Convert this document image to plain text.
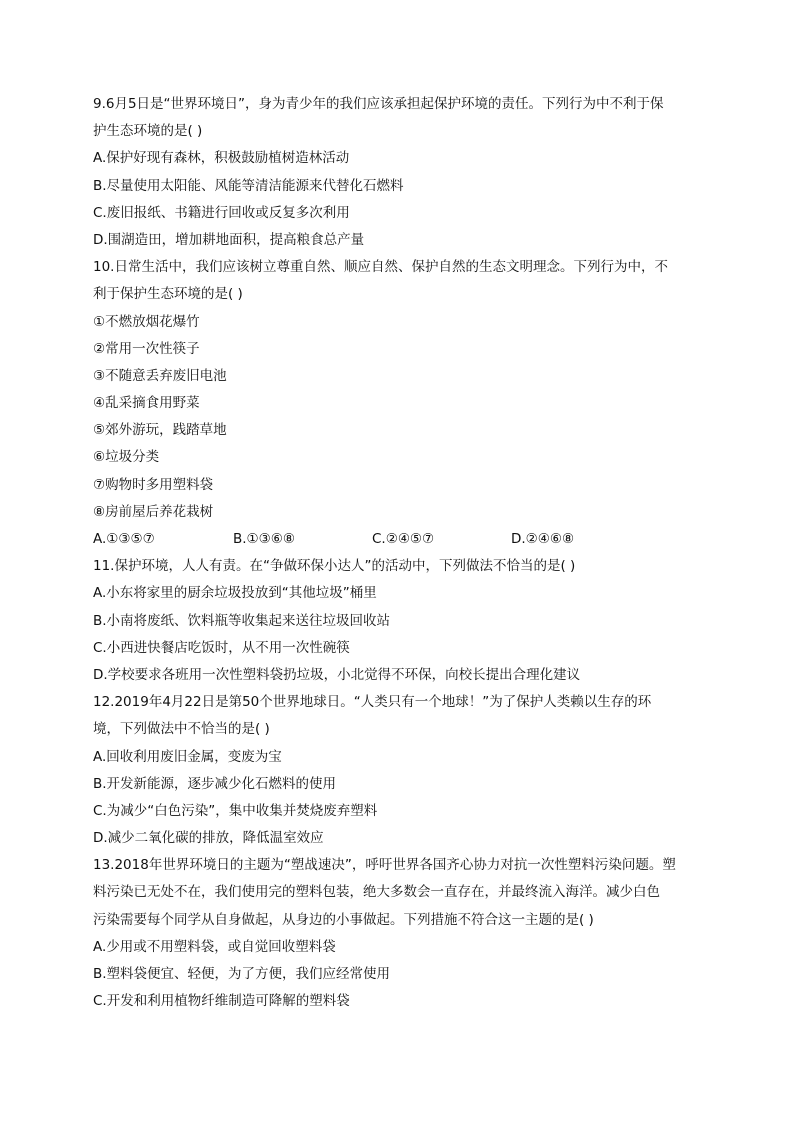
9.6月5日是“世界环境日”，身为青少年的我们应该承担起保护环境的责任。下列行为中不利于保
护生态环境的是( )
A.保护好现有森林，积极鼓励植树造林活动
B.尽量使用太阳能、风能等清洁能源来代替化石燃料
C.废旧报纸、书籍进行回收或反复多次利用
D.围湖造田，增加耕地面积，提高粮食总产量
10.日常生活中，我们应该树立尊重自然、顺应自然、保护自然的生态文明理念。下列行为中，不
利于保护生态环境的是( )
①不燃放烟花爆竹
②常用一次性筷子
③不随意丢弃废旧电池
④乱采摘食用野菜
⑤郊外游玩，践踏草地
⑥垃圾分类
⑦购物时多用塑料袋
⑧房前屋后养花栽树
A.①③⑤⑦	B.①③⑥⑧	C.②④⑤⑦	D.②④⑥⑧
11.保护环境，人人有责。在“争做环保小达人”的活动中，下列做法不恰当的是( )
A.小东将家里的厨余垃圾投放到“其他垃圾”桶里
B.小南将废纸、饮料瓶等收集起来送往垃圾回收站
C.小西进快餐店吃饭时，从不用一次性碗筷
D.学校要求各班用一次性塑料袋扔垃圾，小北觉得不环保，向校长提出合理化建议
12.2019年4月22日是第50个世界地球日。“人类只有一个地球！”为了保护人类赖以生存的环
境，下列做法中不恰当的是( )
A.回收利用废旧金属，变废为宝
B.开发新能源，逐步减少化石燃料的使用
C.为减少“白色污染”，集中收集并焚烧废弃塑料
D.减少二氧化碳的排放，降低温室效应
13.2018年世界环境日的主题为“塑战速决”，呼吁世界各国齐心协力对抗一次性塑料污染问题。塑
料污染已无处不在，我们使用完的塑料包装，绝大多数会一直存在，并最终流入海洋。减少白色
污染需要每个同学从自身做起，从身边的小事做起。下列措施不符合这一主题的是( )
A.少用或不用塑料袋，或自觉回收塑料袋
B.塑料袋便宜、轻便，为了方便，我们应经常使用
C.开发和利用植物纤维制造可降解的塑料袋
